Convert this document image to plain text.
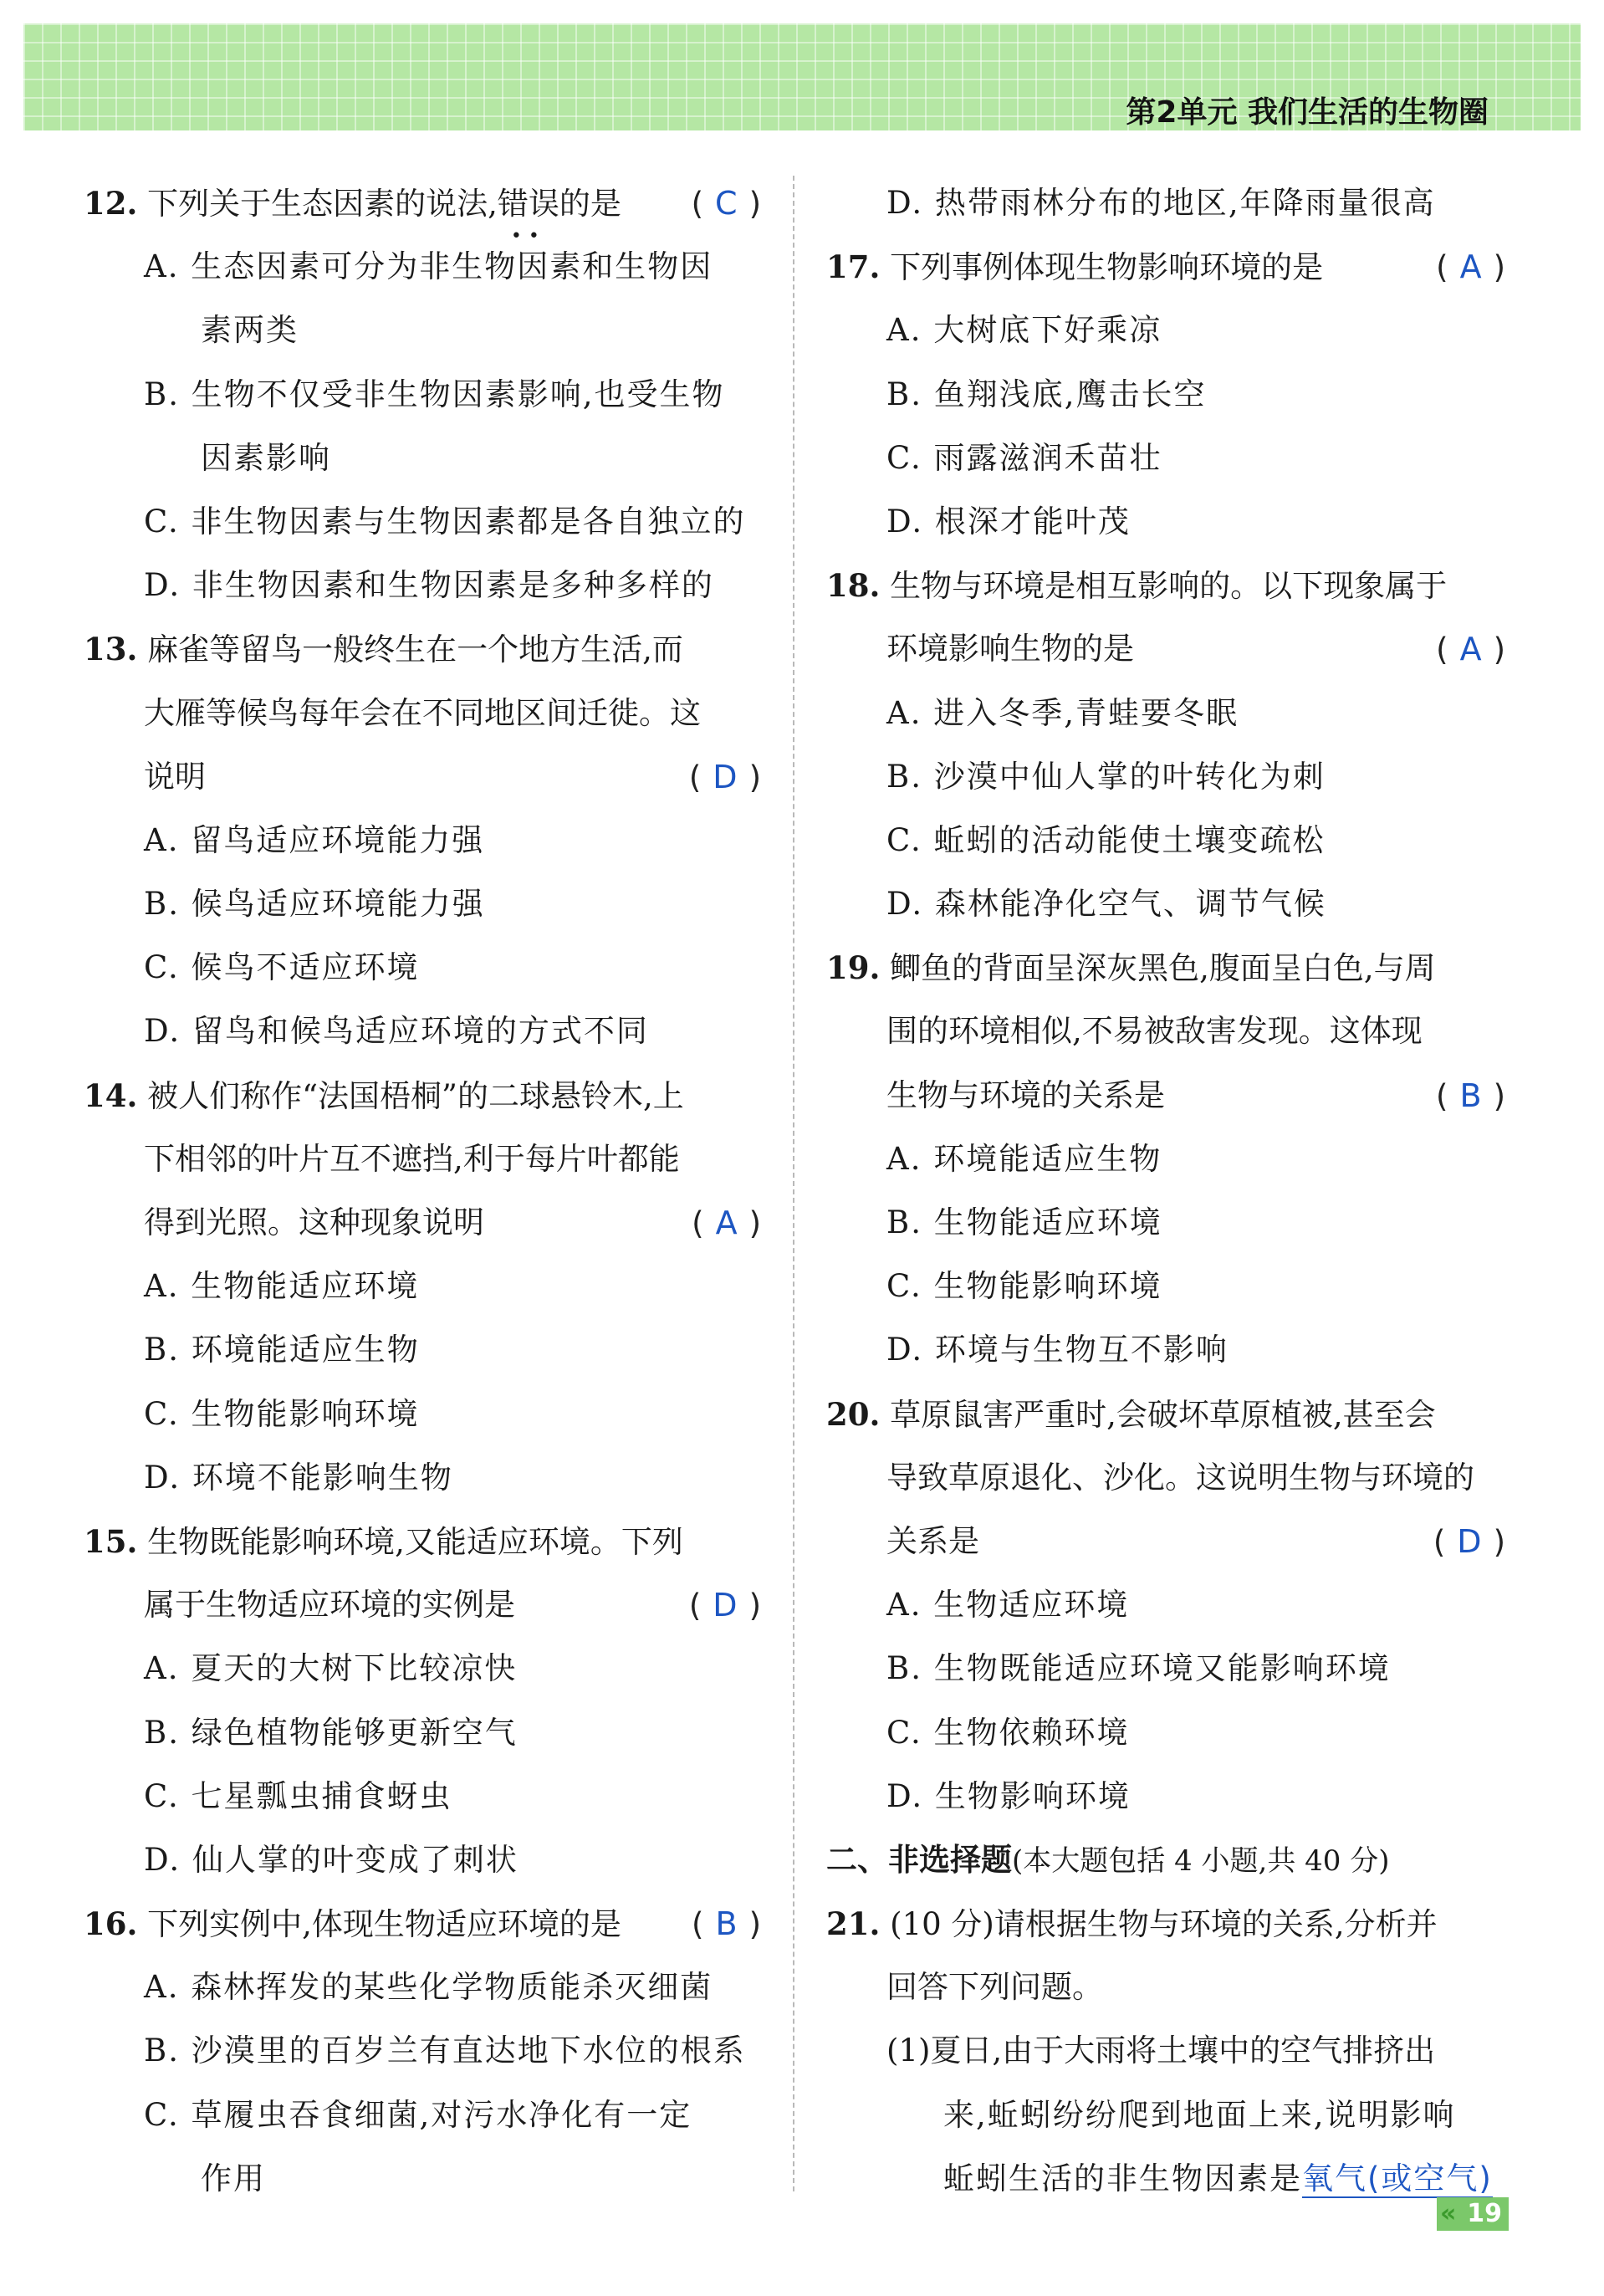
第2单元 我们生活的生物圈
12. 下列关于生态因素的说法,错误
••
的是 ( C )
A. 生态因素可分为非生物因素和生物因
素两类
B. 生物不仅受非生物因素影响,也受生物
因素影响
C. 非生物因素与生物因素都是各自独立的
D. 非生物因素和生物因素是多种多样的
13. 麻雀等留鸟一般终生在一个地方生活,而
大雁等候鸟每年会在不同地区间迁徙。这
说明	( D )
A. 留鸟适应环境能力强
B. 候鸟适应环境能力强
C. 候鸟不适应环境
D. 留鸟和候鸟适应环境的方式不同
14. 被人们称作“法国梧桐”的二球悬铃木,上
下相邻的叶片互不遮挡,利于每片叶都能
得到光照。这种现象说明	( A )
A. 生物能适应环境
B. 环境能适应生物
C. 生物能影响环境
D. 环境不能影响生物
15. 生物既能影响环境,又能适应环境。下列
属于生物适应环境的实例是	( D )
A. 夏天的大树下比较凉快
B. 绿色植物能够更新空气
C. 七星瓢虫捕食蚜虫
D. 仙人掌的叶变成了刺状
16. 下列实例中,体现生物适应环境的是 ( B )
A. 森林挥发的某些化学物质能杀灭细菌
B. 沙漠里的百岁兰有直达地下水位的根系
C. 草履虫吞食细菌,对污水净化有一定
作用
D. 热带雨林分布的地区,年降雨量很高
17. 下列事例体现生物影响环境的是	( A )
A. 大树底下好乘凉
B. 鱼翔浅底,鹰击长空
C. 雨露滋润禾苗壮
D. 根深才能叶茂
18. 生物与环境是相互影响的。以下现象属于
环境影响生物的是	( A )
A. 进入冬季,青蛙要冬眠
B. 沙漠中仙人掌的叶转化为刺
C. 蚯蚓的活动能使土壤变疏松
D. 森林能净化空气、调节气候
19. 鲫鱼的背面呈深灰黑色,腹面呈白色,与周
围的环境相似,不易被敌害发现。这体现
生物与环境的关系是	( B )
A. 环境能适应生物
B. 生物能适应环境
C. 生物能影响环境
D. 环境与生物互不影响
20. 草原鼠害严重时,会破坏草原植被,甚至会
导致草原退化、沙化。这说明生物与环境的
关系是	( D )
A. 生物适应环境
B. 生物既能适应环境又能影响环境
C. 生物依赖环境
D. 生物影响环境
二、非选择题(本大题包括 4 小题,共 40 分)
21. (10 分)请根据生物与环境的关系,分析并
回答下列问题。
(1)夏日,由于大雨将土壤中的空气排挤出
来,蚯蚓纷纷爬到地面上来,说明影响
蚯蚓生活的非生物因素是氧气(或空气)
« 19
